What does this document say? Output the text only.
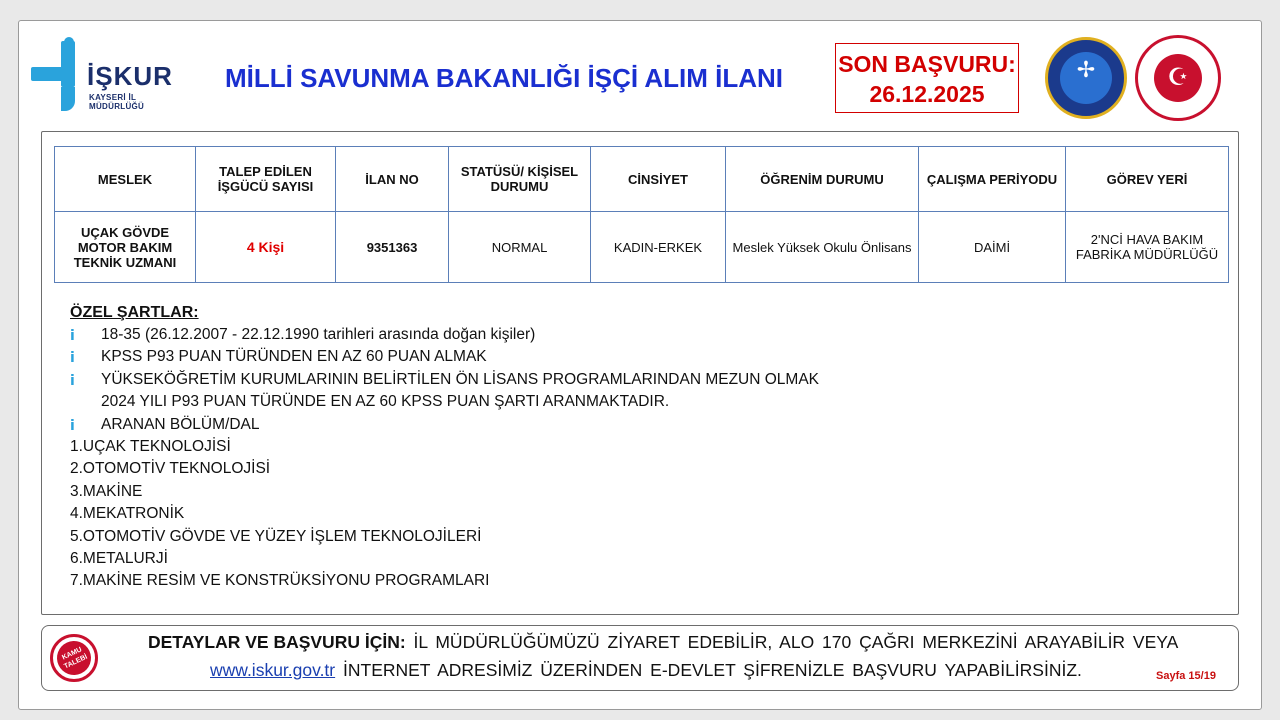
İŞKUR
KAYSERİ İL MÜDÜRLÜĞÜ
MİLLİ SAVUNMA BAKANLIĞI İŞÇİ ALIM İLANI	SON BAŞVURU:
26.12.2025
✢	☪
MESLEK	TALEP EDİLEN İŞGÜCÜ SAYISI	İLAN NO	STATÜSÜ/ KİŞİSEL DURUMU	CİNSİYET	ÖĞRENİM DURUMU	ÇALIŞMA PERİYODU	GÖREV YERİ
UÇAK GÖVDE MOTOR BAKIM TEKNİK UZMANI	4 Kişi	9351363	NORMAL	KADIN-ERKEK	Meslek Yüksek Okulu Önlisans	DAİMİ	2'NCİ HAVA BAKIM FABRİKA MÜDÜRLÜĞÜ
ÖZEL ŞARTLAR:
ⅰ 18-35 (26.12.2007 - 22.12.1990 tarihleri arasında doğan kişiler)
ⅰ KPSS P93 PUAN TÜRÜNDEN EN AZ 60 PUAN ALMAK
ⅰ YÜKSEKÖĞRETİM KURUMLARININ BELİRTİLEN ÖN LİSANS PROGRAMLARINDAN MEZUN OLMAK
2024 YILI P93 PUAN TÜRÜNDE EN AZ 60 KPSS PUAN ŞARTI ARANMAKTADIR.
ⅰ ARANAN BÖLÜM/DAL
1.UÇAK TEKNOLOJİSİ
2.OTOMOTİV TEKNOLOJİSİ
3.MAKİNE
4.MEKATRONİK
5.OTOMOTİV GÖVDE VE YÜZEY İŞLEM TEKNOLOJİLERİ
6.METALURJİ
7.MAKİNE RESİM VE KONSTRÜKSİYONU PROGRAMLARI
KAMU TALEBİ
DETAYLAR VE BAŞVURU İÇİN: İL MÜDÜRLÜĞÜMÜZÜ ZİYARET EDEBİLİR, ALO 170 ÇAĞRI MERKEZİNİ ARAYABİLİR VEYA
www.iskur.gov.tr İNTERNET ADRESİMİZ ÜZERİNDEN E-DEVLET ŞİFRENİZLE BAŞVURU YAPABİLİRSİNİZ.	Sayfa 15/19
